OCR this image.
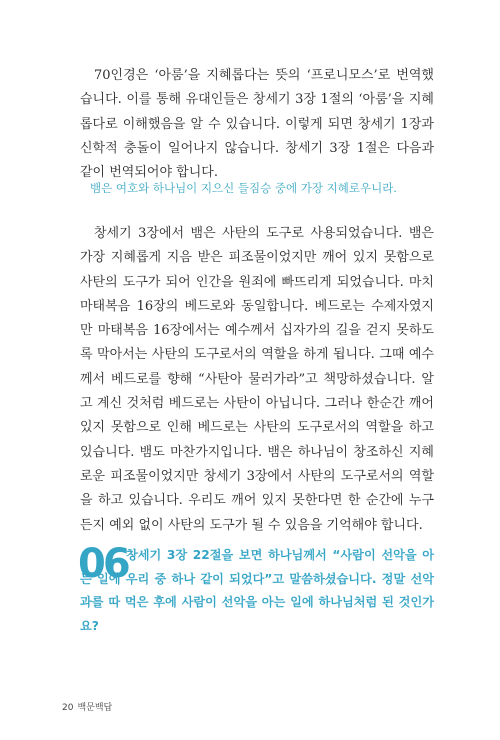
70인경은 ‘아룸’을 지혜롭다는 뜻의 ‘프로니모스’로 번역했습니다. 이를 통해 유대인들은 창세기 3장 1절의 ‘아룸’을 지혜롭다로 이해했음을 알 수 있습니다. 이렇게 되면 창세기 1장과 신학적 충돌이 일어나지 않습니다. 창세기 3장 1절은 다음과 같이 번역되어야 합니다.

뱀은 여호와 하나님이 지으신 들짐승 중에 가장 지혜로우니라.

창세기 3장에서 뱀은 사탄의 도구로 사용되었습니다. 뱀은 가장 지혜롭게 지음 받은 피조물이었지만 깨어 있지 못함으로 사탄의 도구가 되어 인간을 원죄에 빠뜨리게 되었습니다. 마치 마태복음 16장의 베드로와 동일합니다. 베드로는 수제자였지만 마태복음 16장에서는 예수께서 십자가의 길을 걷지 못하도록 막아서는 사탄의 도구로서의 역할을 하게 됩니다. 그때 예수께서 베드로를 향해 “사탄아 물러가라”고 책망하셨습니다. 알고 계신 것처럼 베드로는 사탄이 아닙니다. 그러나 한순간 깨어 있지 못함으로 인해 베드로는 사탄의 도구로서의 역할을 하고 있습니다. 뱀도 마찬가지입니다. 뱀은 하나님이 창조하신 지혜로운 피조물이었지만 창세기 3장에서 사탄의 도구로서의 역할을 하고 있습니다. 우리도 깨어 있지 못한다면 한 순간에 누구든지 예외 없이 사탄의 도구가 될 수 있음을 기억해야 합니다.

06

창세기 3장 22절을 보면 하나님께서 “사람이 선악을 아는 일에 우리 중 하나 같이 되었다”고 말씀하셨습니다. 정말 선악과를 따 먹은 후에 사람이 선악을 아는 일에 하나님처럼 된 것인가요?

20 백문백답
